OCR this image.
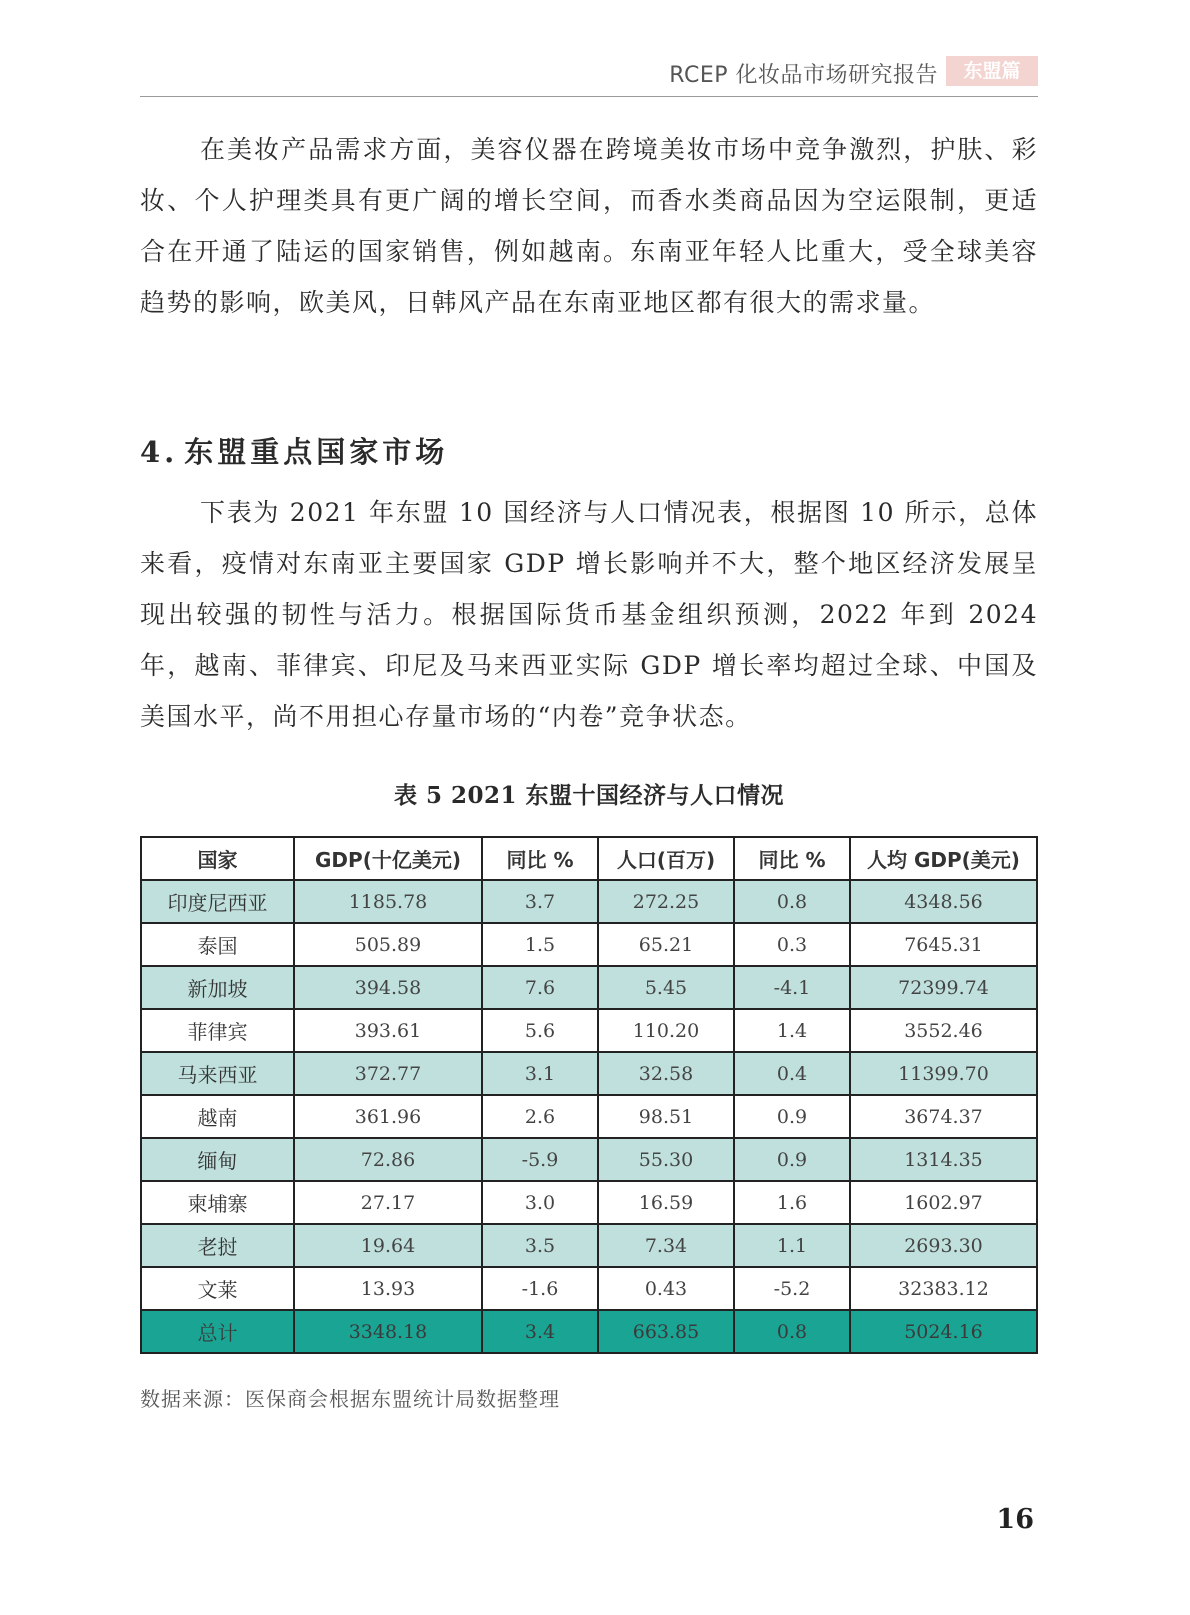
RCEP 化妆品市场研究报告	东盟篇

在美妆产品需求方面，美容仪器在跨境美妆市场中竞争激烈，护肤、彩妆、个人护理类具有更广阔的增长空间，而香水类商品因为空运限制，更适合在开通了陆运的国家销售，例如越南。东南亚年轻人比重大，受全球美容趋势的影响，欧美风，日韩风产品在东南亚地区都有很大的需求量。

4. 东盟重点国家市场

下表为 2021 年东盟 10 国经济与人口情况表，根据图 10 所示，总体来看，疫情对东南亚主要国家 GDP 增长影响并不大，整个地区经济发展呈现出较强的韧性与活力。根据国际货币基金组织预测，2022 年到 2024 年，越南、菲律宾、印尼及马来西亚实际 GDP 增长率均超过全球、中国及美国水平，尚不用担心存量市场的“内卷”竞争状态。

表 5 2021 东盟十国经济与人口情况

国家	GDP(十亿美元)	同比 %	人口(百万)	同比 %	人均 GDP(美元)
印度尼西亚	1185.78	3.7	272.25	0.8	4348.56
泰国	505.89	1.5	65.21	0.3	7645.31
新加坡	394.58	7.6	5.45	-4.1	72399.74
菲律宾	393.61	5.6	110.20	1.4	3552.46
马来西亚	372.77	3.1	32.58	0.4	11399.70
越南	361.96	2.6	98.51	0.9	3674.37
缅甸	72.86	-5.9	55.30	0.9	1314.35
柬埔寨	27.17	3.0	16.59	1.6	1602.97
老挝	19.64	3.5	7.34	1.1	2693.30
文莱	13.93	-1.6	0.43	-5.2	32383.12
总计	3348.18	3.4	663.85	0.8	5024.16

数据来源：医保商会根据东盟统计局数据整理

16
